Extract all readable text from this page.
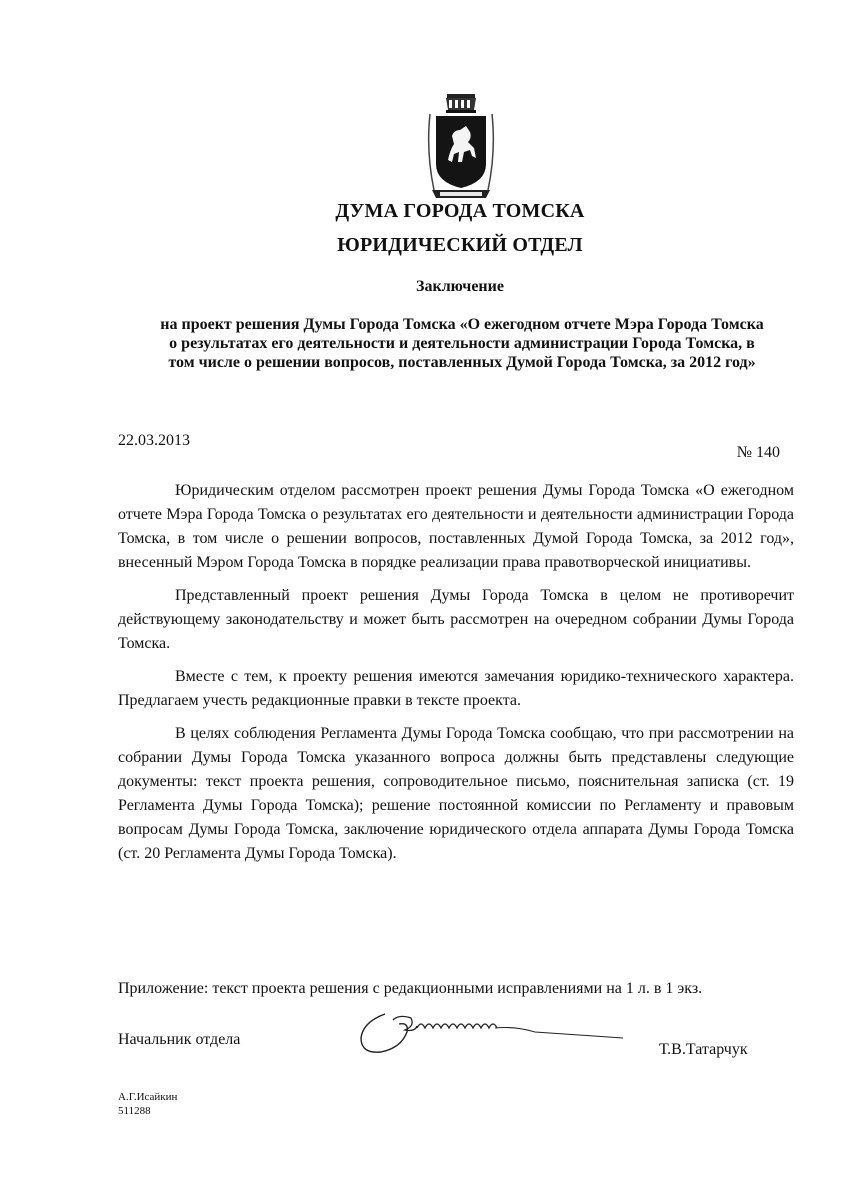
ДУМА ГОРОДА ТОМСКА
ЮРИДИЧЕСКИЙ ОТДЕЛ
Заключение
на проект решения Думы Города Томска «О ежегодном отчете Мэра Города Томска
о результатах его деятельности и деятельности администрации Города Томска, в
том числе о решении вопросов, поставленных Думой Города Томска, за 2012 год»
22.03.2013
№ 140

Юридическим отделом рассмотрен проект решения Думы Города Томска «О ежегодном отчете Мэра Города Томска о результатах его деятельности и деятельности администрации Города Томска, в том числе о решении вопросов, поставленных Думой Города Томска, за 2012 год», внесенный Мэром Города Томска в порядке реализации права правотворческой инициативы.

Представленный проект решения Думы Города Томска в целом не противоречит действующему законодательству и может быть рассмотрен на очередном собрании Думы Города Томска.

Вместе с тем, к проекту решения имеются замечания юридико-технического характера. Предлагаем учесть редакционные правки в тексте проекта.

В целях соблюдения Регламента Думы Города Томска сообщаю, что при рассмотрении на собрании Думы Города Томска указанного вопроса должны быть представлены следующие документы: текст проекта решения, сопроводительное письмо, пояснительная записка (ст. 19 Регламента Думы Города Томска); решение постоянной комиссии по Регламенту и правовым вопросам Думы Города Томска, заключение юридического отдела аппарата Думы Города Томска (ст. 20 Регламента Думы Города Томска).

Приложение: текст проекта решения с редакционными исправлениями на 1 л. в 1 экз.
Начальник отдела
Т.В.Татарчук
А.Г.Исайкин
511288
